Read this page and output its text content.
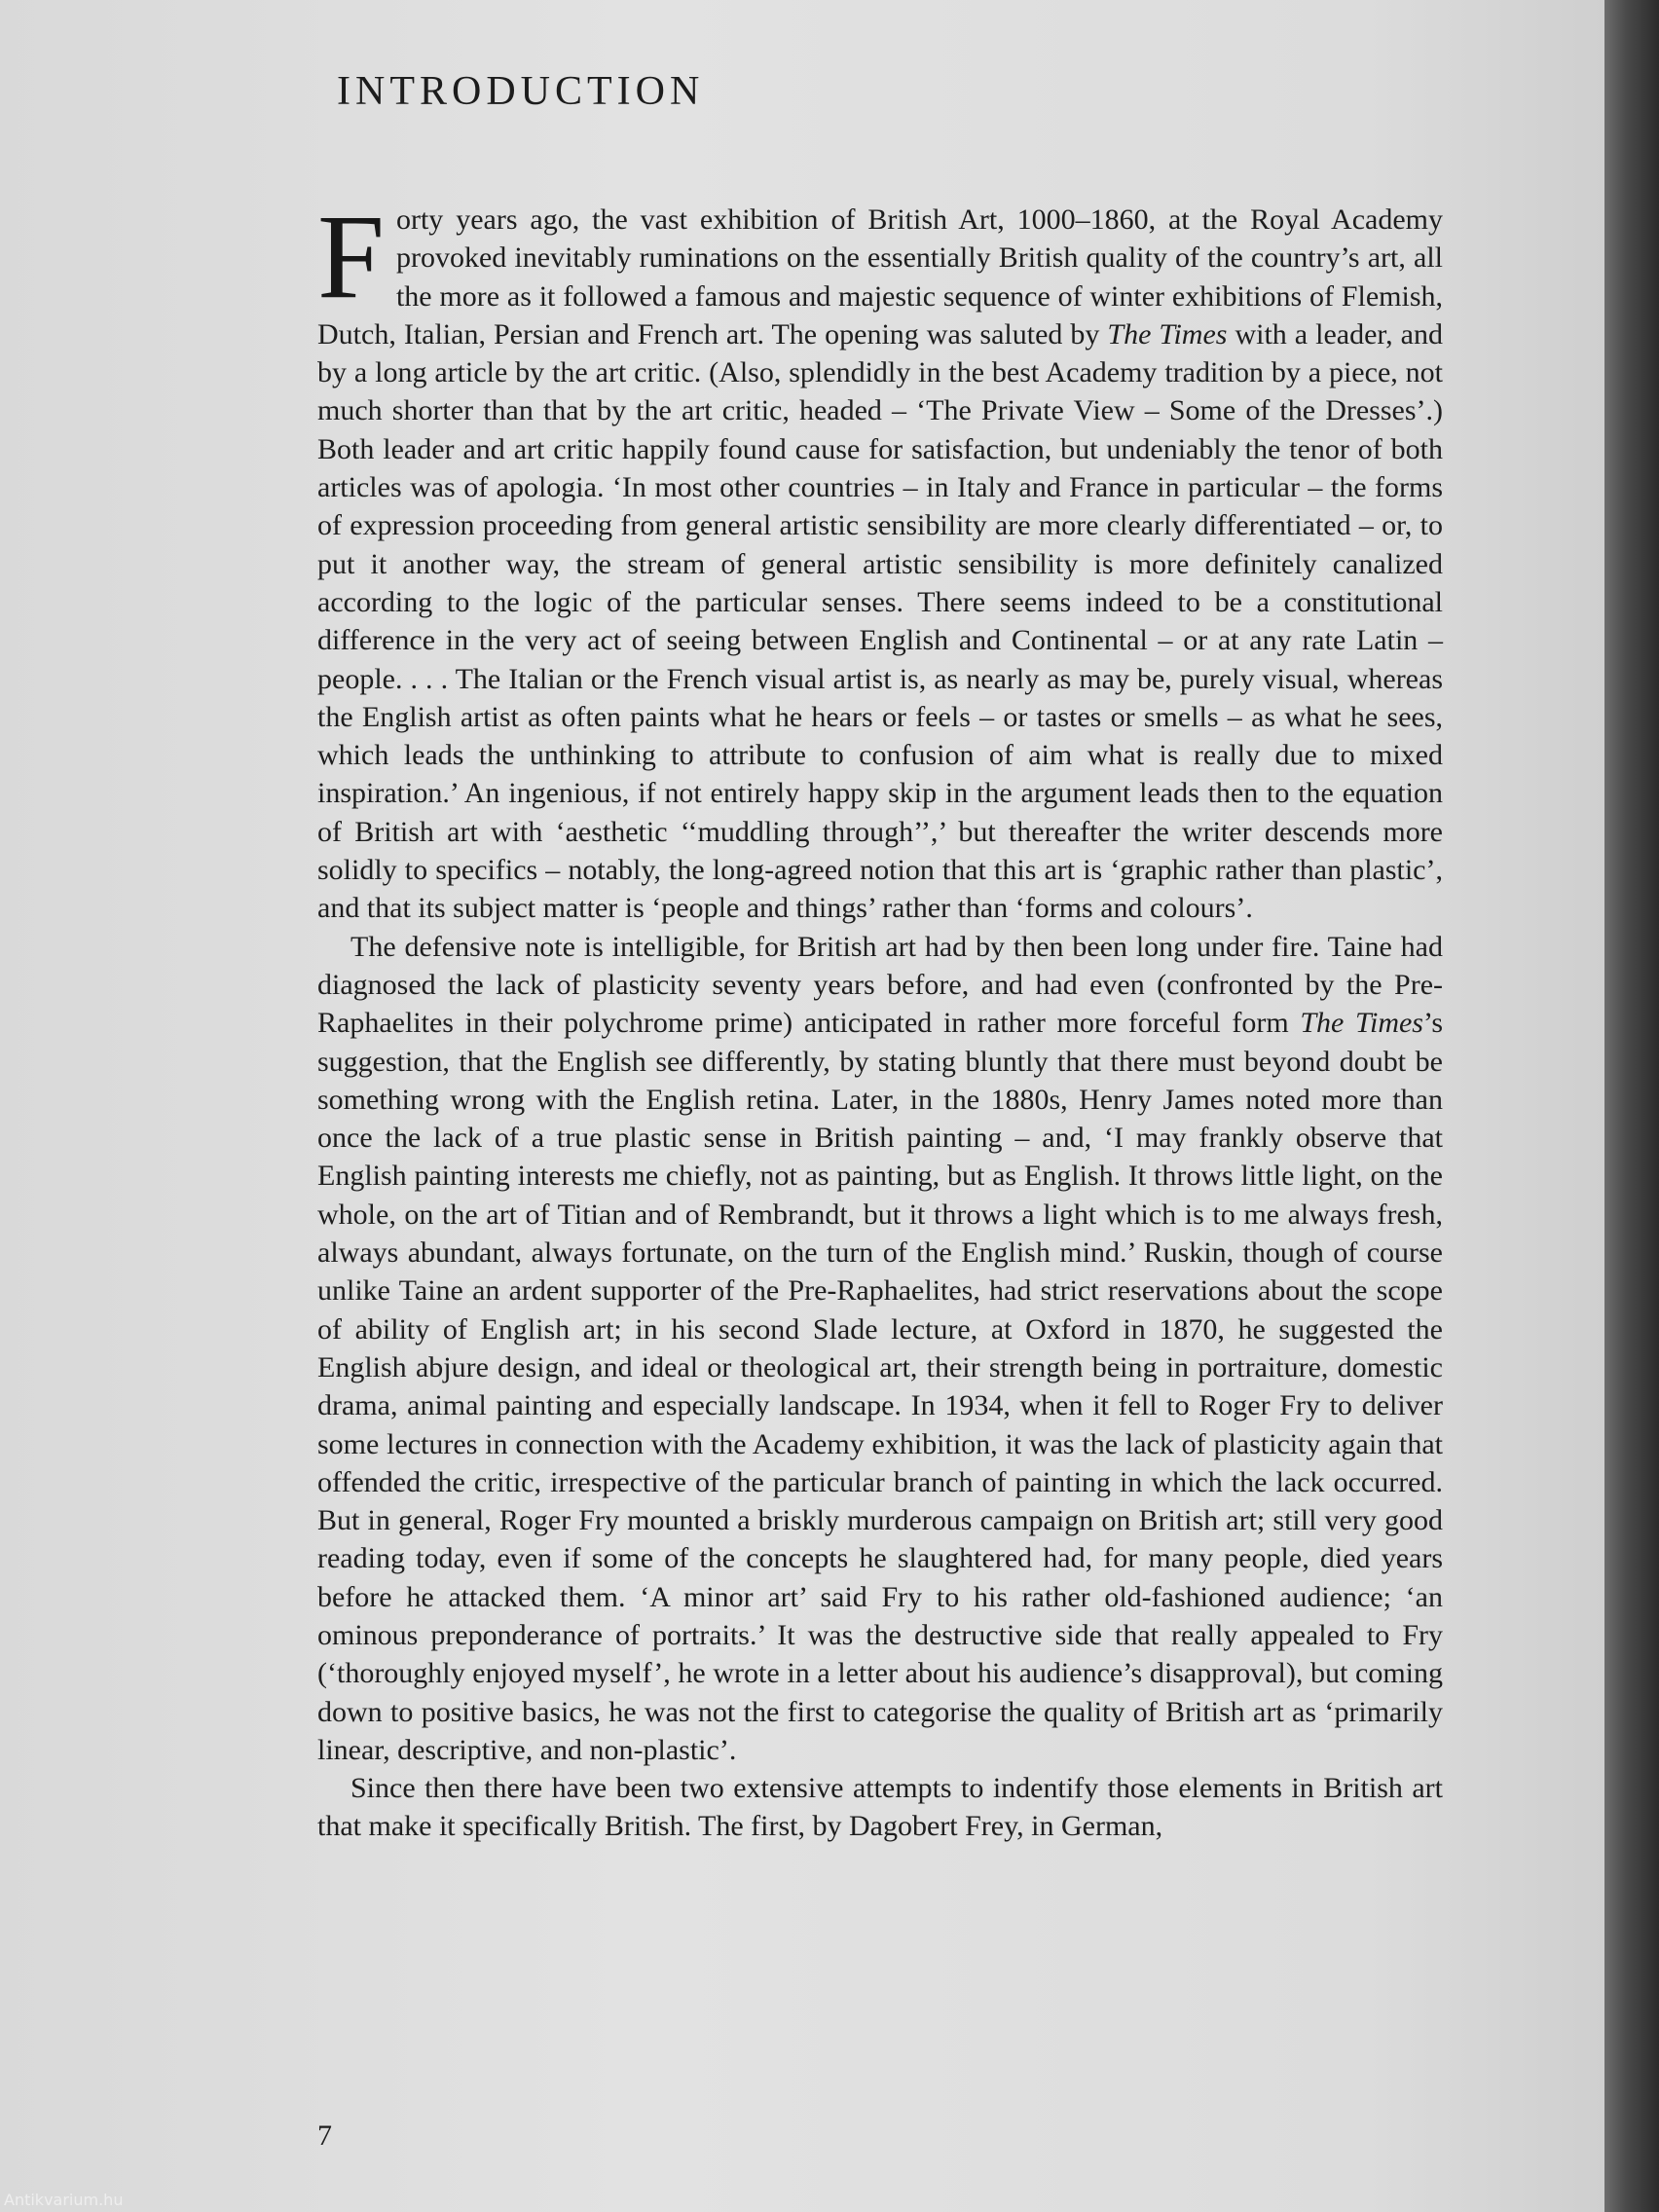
INTRODUCTION

Forty years ago, the vast exhibition of British Art, 1000–1860, at the Royal Academy provoked inevitably ruminations on the essentially British quality of the country’s art, all the more as it followed a famous and majestic sequence of winter exhibitions of Flemish, Dutch, Italian, Persian and French art. The opening was saluted by The Times with a leader, and by a long article by the art critic. (Also, splendidly in the best Academy tradition by a piece, not much shorter than that by the art critic, headed – ‘The Private View – Some of the Dresses’.) Both leader and art critic happily found cause for satisfaction, but undeniably the tenor of both articles was of apologia. ‘In most other countries – in Italy and France in particular – the forms of expression proceeding from general artistic sensibility are more clearly differentiated – or, to put it another way, the stream of general artistic sensibility is more definitely canalized according to the logic of the particular senses. There seems indeed to be a constitutional difference in the very act of seeing between English and Continental – or at any rate Latin – people. . . . The Italian or the French visual artist is, as nearly as may be, purely visual, whereas the English artist as often paints what he hears or feels – or tastes or smells – as what he sees, which leads the unthinking to attribute to confusion of aim what is really due to mixed inspiration.’ An ingenious, if not entirely happy skip in the argument leads then to the equation of British art with ‘aesthetic ‘‘muddling through’’,’ but thereafter the writer descends more solidly to specifics – notably, the long-agreed notion that this art is ‘graphic rather than plastic’, and that its subject matter is ‘people and things’ rather than ‘forms and colours’.

The defensive note is intelligible, for British art had by then been long under fire. Taine had diagnosed the lack of plasticity seventy years before, and had even (confronted by the Pre-Raphaelites in their polychrome prime) anticipated in rather more forceful form The Times’s suggestion, that the English see differently, by stating bluntly that there must beyond doubt be something wrong with the English retina. Later, in the 1880s, Henry James noted more than once the lack of a true plastic sense in British painting – and, ‘I may frankly observe that English painting interests me chiefly, not as painting, but as English. It throws little light, on the whole, on the art of Titian and of Rembrandt, but it throws a light which is to me always fresh, always abundant, always fortunate, on the turn of the English mind.’ Ruskin, though of course unlike Taine an ardent supporter of the Pre-Raphaelites, had strict reservations about the scope of ability of English art; in his second Slade lecture, at Oxford in 1870, he suggested the English abjure design, and ideal or theological art, their strength being in portraiture, domestic drama, animal painting and especially landscape. In 1934, when it fell to Roger Fry to deliver some lectures in connection with the Academy exhibition, it was the lack of plasticity again that offended the critic, irrespective of the particular branch of painting in which the lack occurred. But in general, Roger Fry mounted a briskly murderous campaign on British art; still very good reading today, even if some of the concepts he slaughtered had, for many people, died years before he attacked them. ‘A minor art’ said Fry to his rather old-fashioned audience; ‘an ominous preponderance of portraits.’ It was the destructive side that really appealed to Fry (‘thoroughly enjoyed myself’, he wrote in a letter about his audience’s disapproval), but coming down to positive basics, he was not the first to categorise the quality of British art as ‘primarily linear, descriptive, and non-plastic’.

Since then there have been two extensive attempts to indentify those elements in British art that make it specifically British. The first, by Dagobert Frey, in German,

7
Antikvarium.hu
